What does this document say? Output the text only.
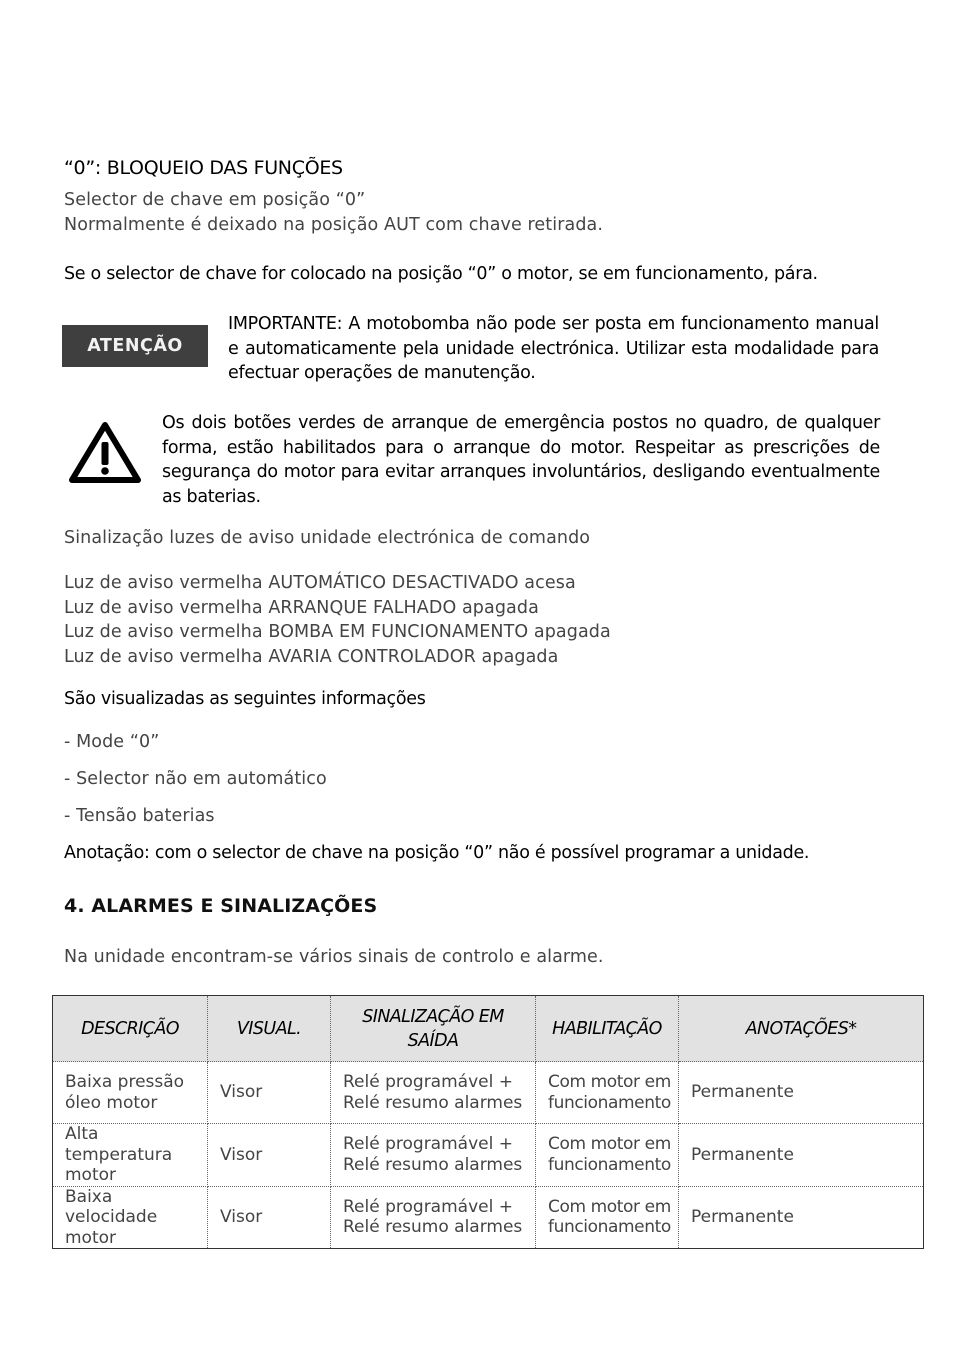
“0”: BLOQUEIO DAS FUNÇÕES

Selector de chave em posição “0”

Normalmente é deixado na posição AUT com chave retirada.

Se o selector de chave for colocado na posição “0” o motor, se em funcionamento, pára.

ATENÇÃO

IMPORTANTE: A motobomba não pode ser posta em funcionamento manual e automaticamente pela unidade electrónica. Utilizar esta modalidade para efectuar operações de manutenção.

Os dois botões verdes de arranque de emergência postos no quadro, de qualquer forma, estão habilitados para o arranque do motor. Respeitar as prescrições de segurança do motor para evitar arranques involuntários, desligando eventualmente as baterias.

Sinalização luzes de aviso unidade electrónica de comando

Luz de aviso vermelha AUTOMÁTICO DESACTIVADO acesa

Luz de aviso vermelha ARRANQUE FALHADO apagada

Luz de aviso vermelha BOMBA EM FUNCIONAMENTO apagada

Luz de aviso vermelha AVARIA CONTROLADOR apagada

São visualizadas as seguintes informações

- Mode “0”

- Selector não em automático

- Tensão baterias

Anotação: com o selector de chave na posição “0” não é possível programar a unidade.

4. ALARMES E SINALIZAÇÕES

Na unidade encontram-se vários sinais de controlo e alarme.

DESCRIÇÃO	VISUAL.	SINALIZAÇÃO EM SAÍDA	HABILITAÇÃO	ANOTAÇÕES*
Baixa pressão óleo motor	Visor	Relé programável + Relé resumo alarmes	Com motor em funcionamento	Permanente
Alta temperatura motor	Visor	Relé programável + Relé resumo alarmes	Com motor em funcionamento	Permanente
Baixa velocidade motor	Visor	Relé programável + Relé resumo alarmes	Com motor em funcionamento	Permanente
